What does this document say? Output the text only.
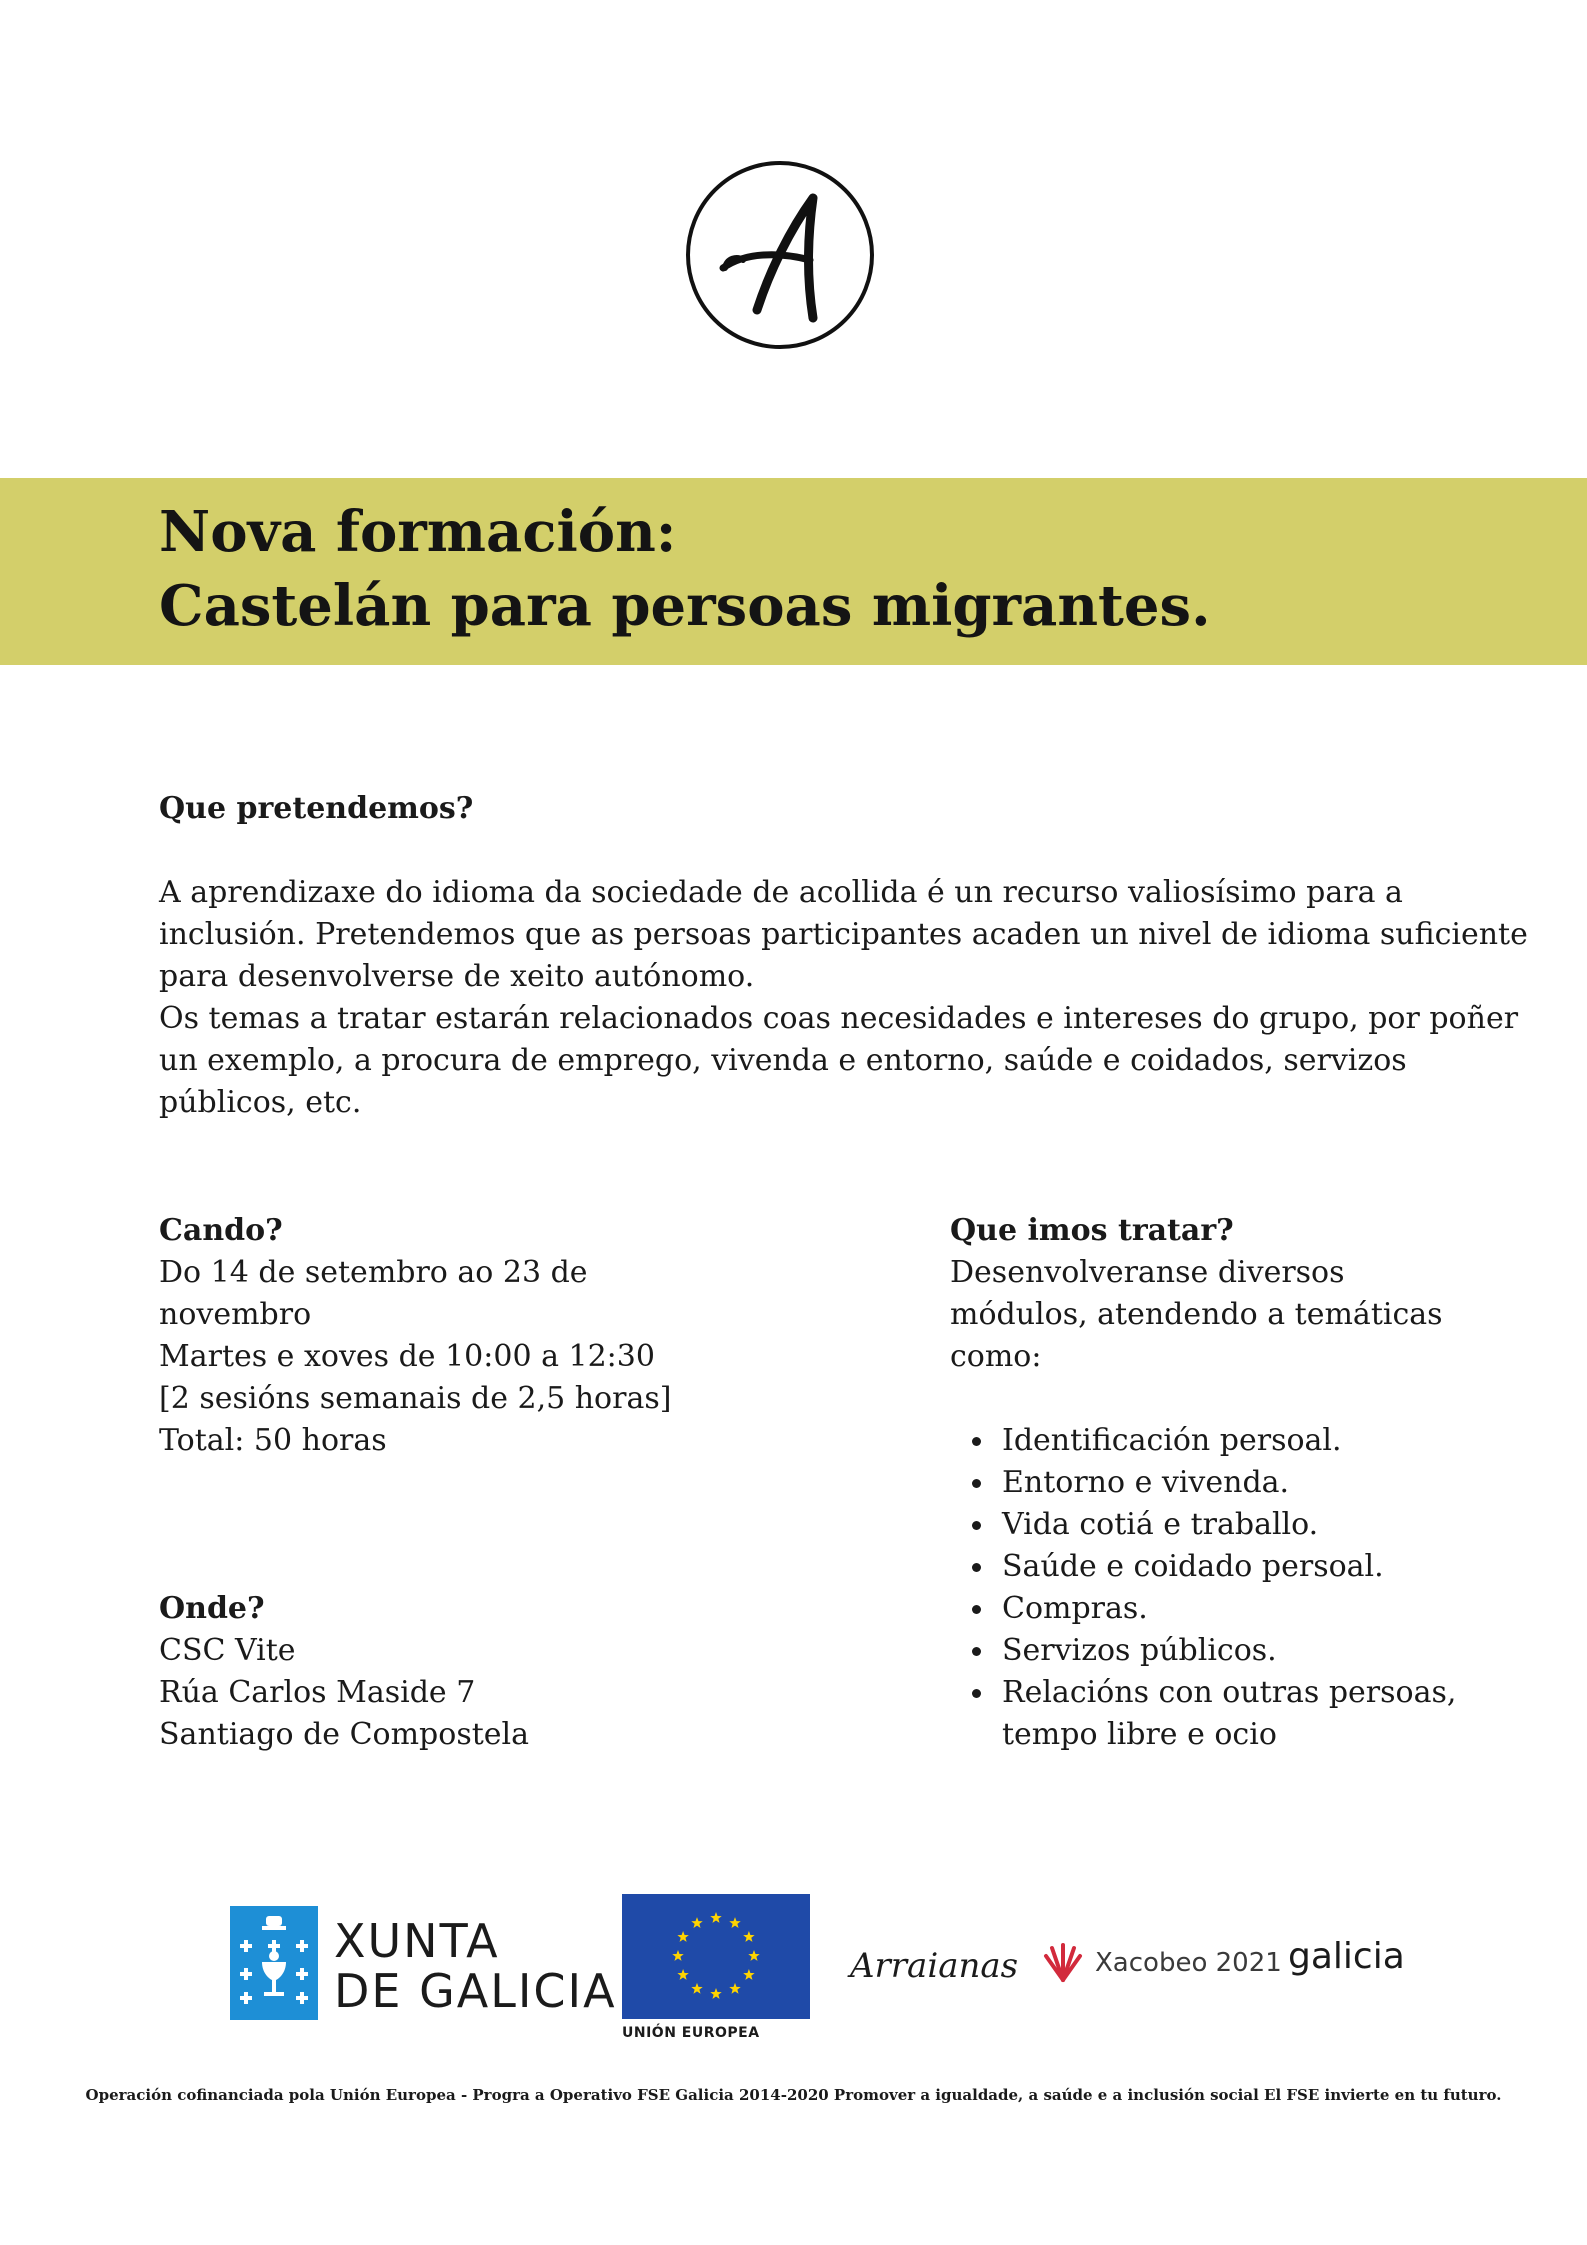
Nova formación:
Castelán para persoas migrantes.
Que pretendemos?

A aprendizaxe do idioma da sociedade de acollida é un recurso valiosísimo para a inclusión. Pretendemos que as persoas participantes acaden un nivel de idioma suficiente para desenvolverse de xeito autónomo.

Os temas a tratar estarán relacionados coas necesidades e intereses do grupo, por poñer un exemplo, a procura de emprego, vivenda e entorno, saúde e coidados, servizos públicos, etc.

Cando?
Do 14 de setembro ao 23 de
novembro
Martes e xoves de 10:00 a 12:30
[2 sesións semanais de 2,5 horas]
Total: 50 horas
Onde?
CSC Vite
Rúa Carlos Maside 7
Santiago de Compostela
Que imos tratar?
Desenvolveranse diversos
módulos, atendendo a temáticas
como:
Identificación persoal.
Entorno e vivenda.
Vida cotiá e traballo.
Saúde e coidado persoal.
Compras.
Servizos públicos.
Relacións con outras persoas, tempo libre e ocio
XUNTA
DE GALICIA
UNIÓN EUROPEA
Arraianas	Xacobeo 2021 galicia
Operación cofinanciada pola Unión Europea - Progra a Operativo FSE Galicia 2014-2020 Promover a igualdade, a saúde e a inclusión social El FSE invierte en tu futuro.
